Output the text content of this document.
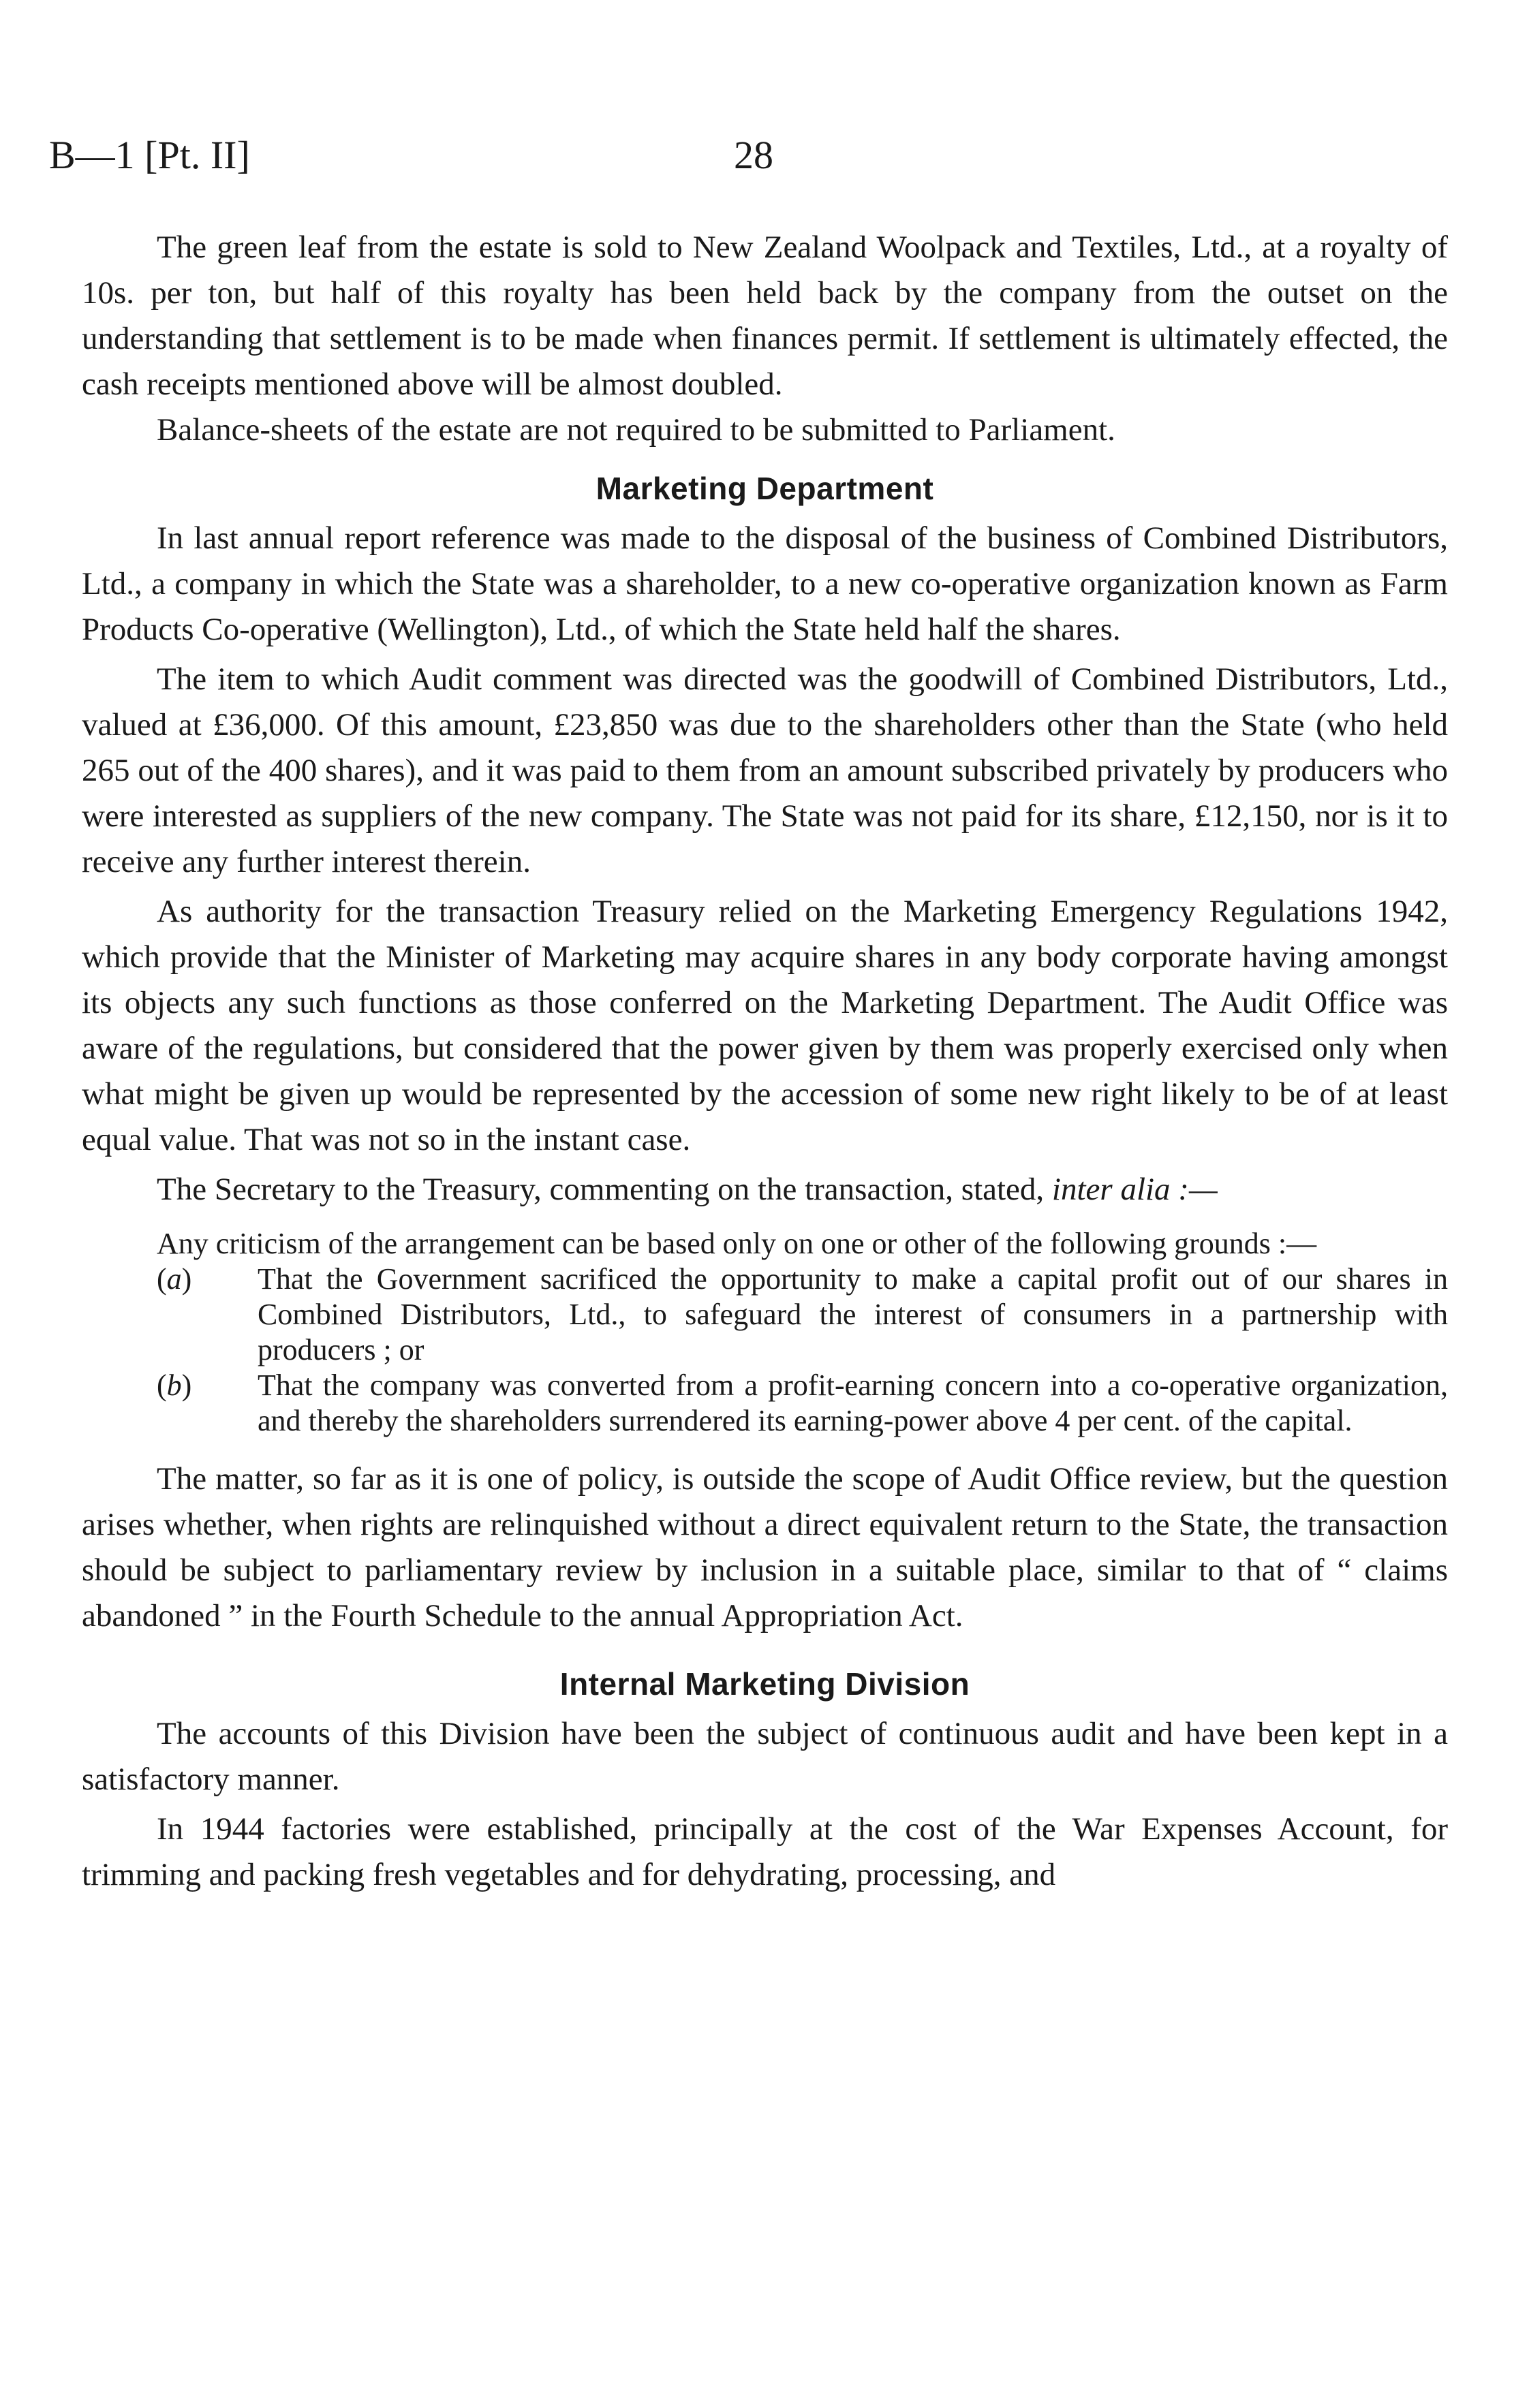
B—1 [Pt. II]	28

The green leaf from the estate is sold to New Zealand Woolpack and Textiles, Ltd., at a royalty of 10s. per ton, but half of this royalty has been held back by the company from the outset on the understanding that settlement is to be made when finances permit. If settlement is ultimately effected, the cash receipts mentioned above will be almost doubled.

Balance-sheets of the estate are not required to be submitted to Parliament.

Marketing Department

In last annual report reference was made to the disposal of the business of Combined Distributors, Ltd., a company in which the State was a shareholder, to a new co-operative organization known as Farm Products Co-operative (Wellington), Ltd., of which the State held half the shares.

The item to which Audit comment was directed was the goodwill of Combined Distributors, Ltd., valued at £36,000. Of this amount, £23,850 was due to the shareholders other than the State (who held 265 out of the 400 shares), and it was paid to them from an amount subscribed privately by producers who were interested as suppliers of the new company. The State was not paid for its share, £12,150, nor is it to receive any further interest therein.

As authority for the transaction Treasury relied on the Marketing Emergency Regulations 1942, which provide that the Minister of Marketing may acquire shares in any body corporate having amongst its objects any such functions as those conferred on the Marketing Department. The Audit Office was aware of the regulations, but considered that the power given by them was properly exercised only when what might be given up would be represented by the accession of some new right likely to be of at least equal value. That was not so in the instant case.

The Secretary to the Treasury, commenting on the transaction, stated, inter alia :—

Any criticism of the arrangement can be based only on one or other of the following grounds :—

(a)	That the Government sacrificed the opportunity to make a capital profit out of our shares in Combined Distributors, Ltd., to safeguard the interest of consumers in a partnership with producers ; or
(b)	That the company was converted from a profit-earning concern into a co-operative organization, and thereby the shareholders surrendered its earning-power above 4 per cent. of the capital.

The matter, so far as it is one of policy, is outside the scope of Audit Office review, but the question arises whether, when rights are relinquished without a direct equivalent return to the State, the transaction should be subject to parliamentary review by inclusion in a suitable place, similar to that of “ claims abandoned ” in the Fourth Schedule to the annual Appropriation Act.

Internal Marketing Division

The accounts of this Division have been the subject of continuous audit and have been kept in a satisfactory manner.

In 1944 factories were established, principally at the cost of the War Expenses Account, for trimming and packing fresh vegetables and for dehydrating, processing, and
